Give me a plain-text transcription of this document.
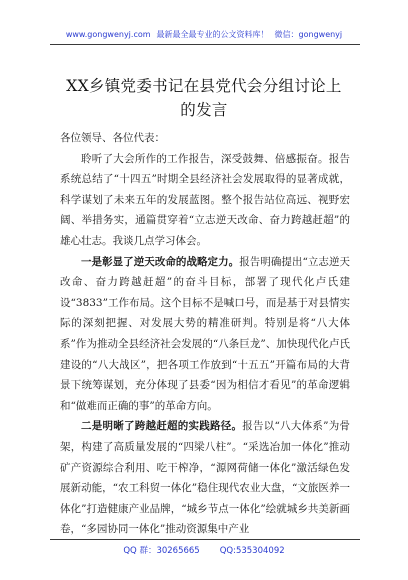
www.gongwenyj.com 最新最全最专业的公文资料库！ 微信：gongwenyj
XX乡镇党委书记在县党代会分组讨论上的发言

各位领导、各位代表：

聆听了大会所作的工作报告，深受鼓舞、倍感振奋。报告系统总结了“十四五”时期全县经济社会发展取得的显著成就，科学谋划了未来五年的发展蓝图。整个报告站位高远、视野宏阔、举措务实，通篇贯穿着“立志逆天改命、奋力跨越赶超”的雄心壮志。我谈几点学习体会。

一是彰显了逆天改命的战略定力。报告明确提出“立志逆天改命、奋力跨越赶超”的奋斗目标，部署了现代化卢氏建设“3833”工作布局。这个目标不是喊口号，而是基于对县情实际的深刻把握、对发展大势的精准研判。特别是将“八大体系”作为推动全县经济社会发展的“八条巨龙”、加快现代化卢氏建设的“八大战区”，把各项工作放到“十五五”开篇布局的大背景下统筹谋划，充分体现了县委“因为相信才看见”的革命逻辑和“做难而正确的事”的革命方向。

二是明晰了跨越赶超的实践路径。报告以“八大体系”为骨架，构建了高质量发展的“四梁八柱”。“采选冶加一体化”推动矿产资源综合利用、吃干榨净，“源网荷储一体化”激活绿色发展新动能，“农工科贸一体化”稳住现代农业大盘，“文旅医养一体化”打造健康产业品牌，“城乡节点一体化”绘就城乡共美新画卷，“多园协同一体化”推动资源集中产业

QQ 群：30265665 QQ:535304092
